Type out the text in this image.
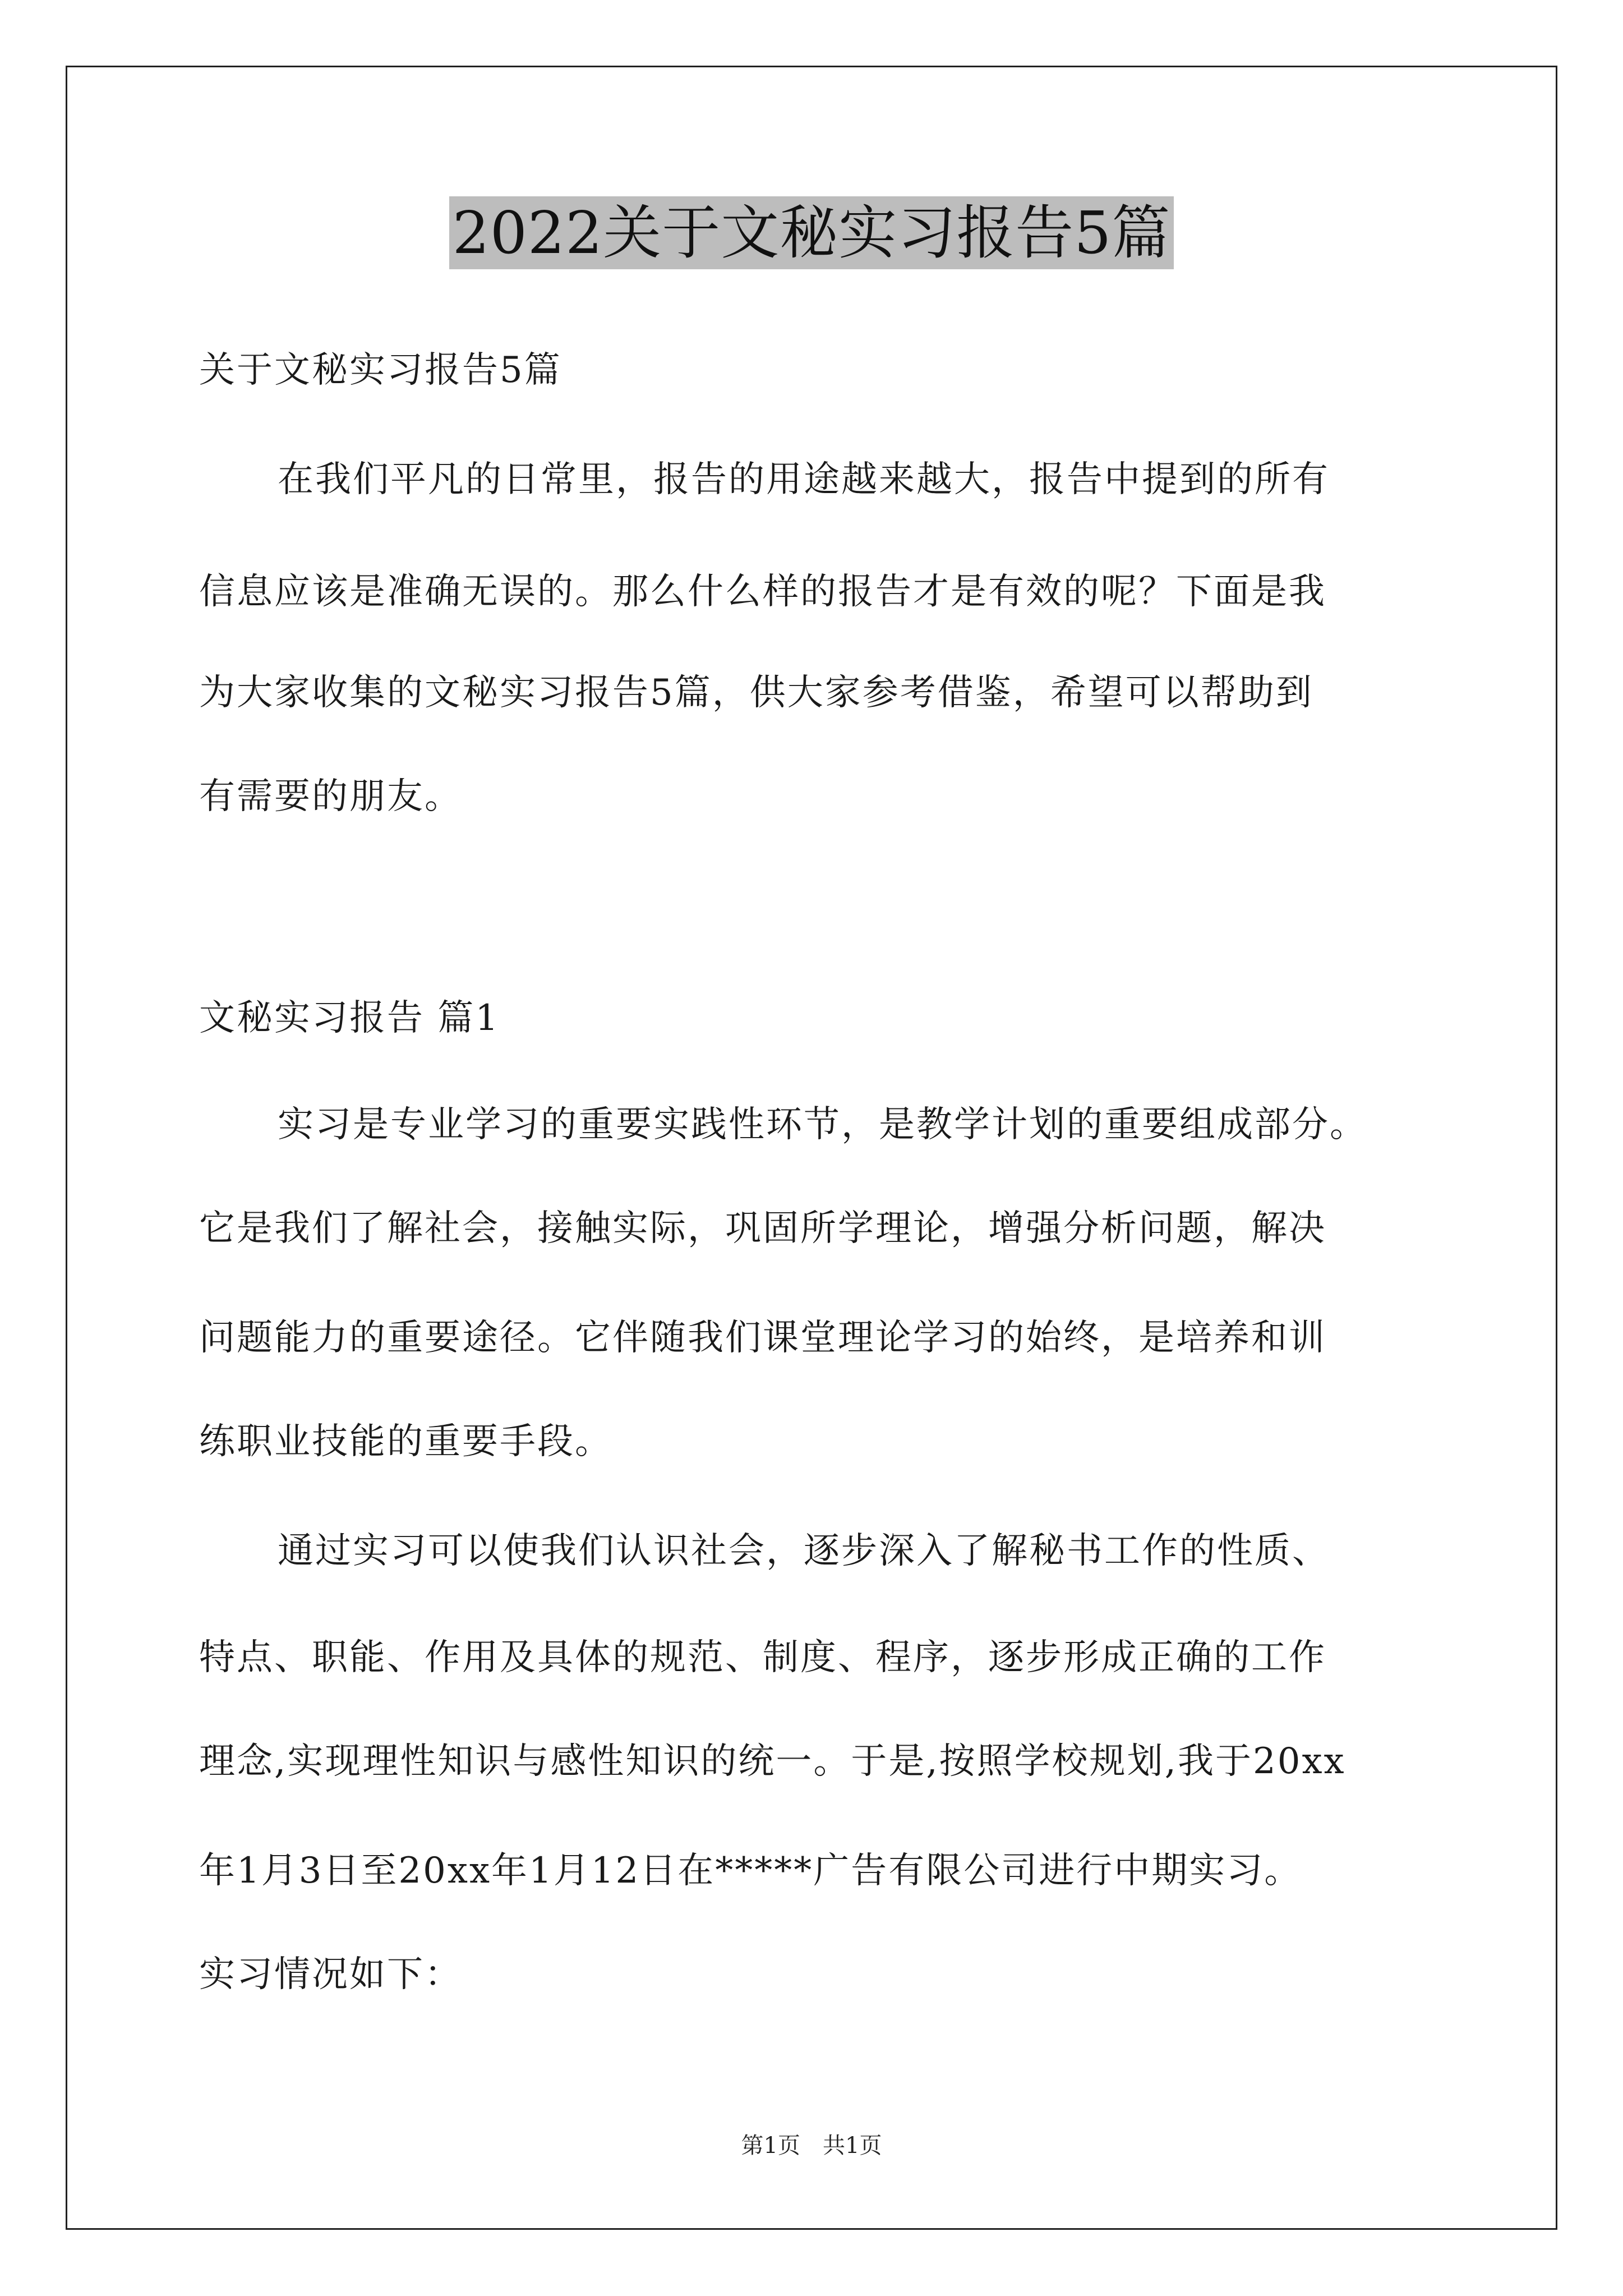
2022关于文秘实习报告5篇
关于文秘实习报告5篇
在我们平凡的日常里，报告的用途越来越大，报告中提到的所有
信息应该是准确无误的。那么什么样的报告才是有效的呢？下面是我
为大家收集的文秘实习报告5篇，供大家参考借鉴，希望可以帮助到
有需要的朋友。
文秘实习报告 篇1
实习是专业学习的重要实践性环节，是教学计划的重要组成部分。
它是我们了解社会，接触实际，巩固所学理论，增强分析问题，解决
问题能力的重要途径。它伴随我们课堂理论学习的始终，是培养和训
练职业技能的重要手段。
通过实习可以使我们认识社会，逐步深入了解秘书工作的性质、
特点、职能、作用及具体的规范、制度、程序，逐步形成正确的工作
理念,实现理性知识与感性知识的统一。于是,按照学校规划,我于20xx
年1月3日至20xx年1月12日在*****广告有限公司进行中期实习。
实习情况如下：
第1页　共1页
